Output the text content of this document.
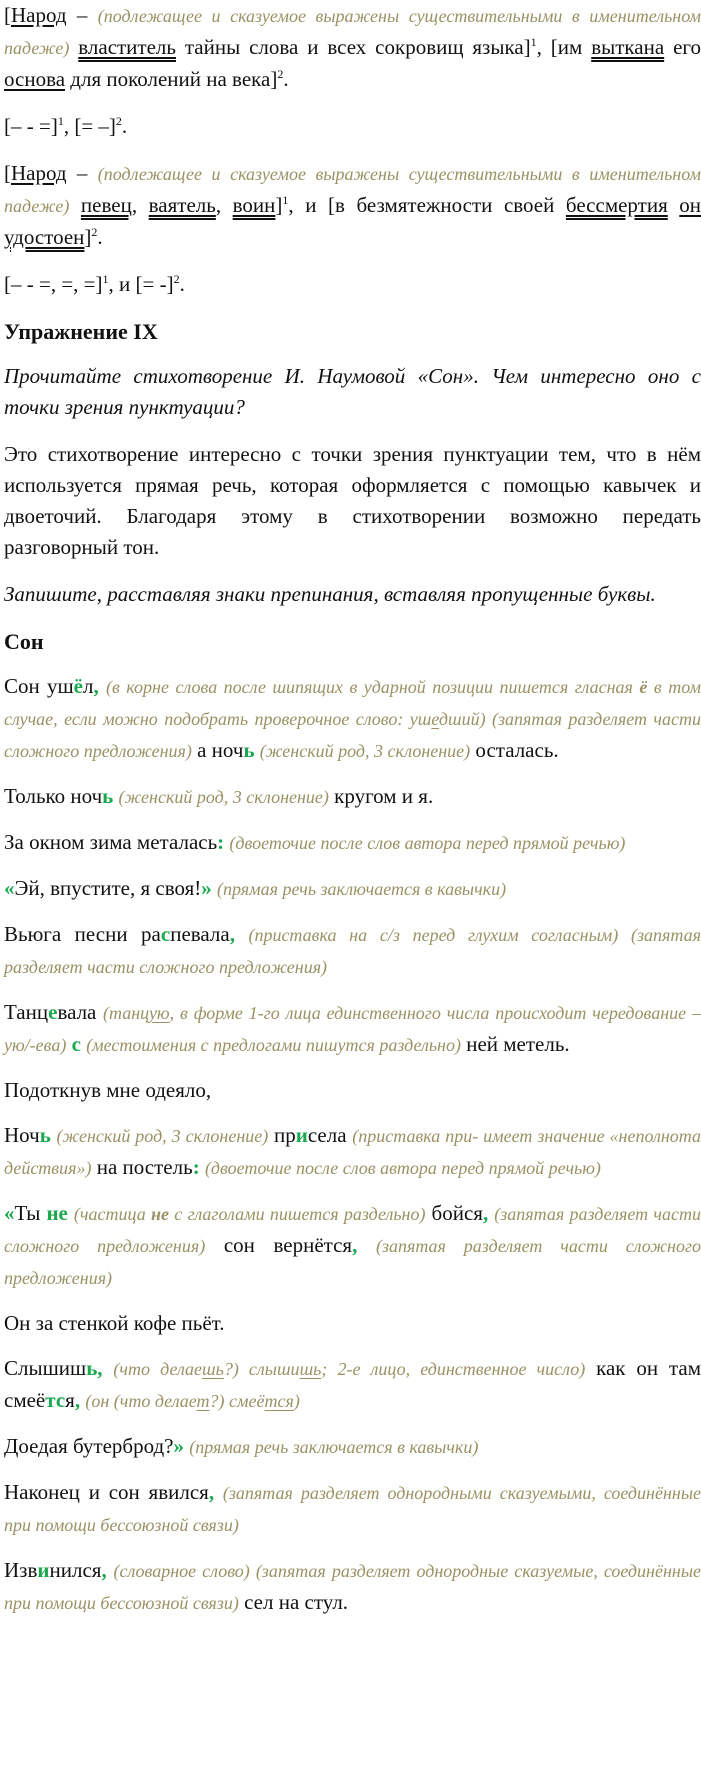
[Народ – (подлежащее и сказуемое выражены существительными в именительном падеже) властитель тайны слова и всех сокровищ языка]$^1$, [им выткана его основа для поколений на века]$^2$.

[‒ - =]$^1$, [= ‒]$^2$.

[Народ – (подлежащее и сказуемое выражены существительными в именительном падеже) певец, ваятель, воин]$^1$, и [в безмятежности своей бессмертия он удостоен]$^2$.

[‒ - =, =, =]$^1$, и [= -]$^2$.

Упражнение IX

Прочитайте стихотворение И. Наумовой «Сон». Чем интересно оно с точки зрения пунктуации?

Это стихотворение интересно с точки зрения пунктуации тем, что в нём используется прямая речь, которая оформляется с помощью кавычек и двоеточий. Благодаря этому в стихотворении возможно передать разговорный тон.

Запишите, расставляя знаки препинания, вставляя пропущенные буквы.

Сон

Сон ушёл, (в корне слова после шипящих в ударной позиции пишется гласная ё в том случае, если можно подобрать проверочное слово: ушедший) (запятая разделяет части сложного предложения) а ночь (женский род, 3 склонение) осталась.

Только ночь (женский род, 3 склонение) кругом и я.

За окном зима металась: (двоеточие после слов автора перед прямой речью)

«Эй, впустите, я своя!» (прямая речь заключается в кавычки)

Вьюга песни распевала, (приставка на с/з перед глухим согласным) (запятая разделяет части сложного предложения)

Танцевала (танцую, в форме 1-го лица единственного числа происходит чередование –ую/-ева) с (местоимения с предлогами пишутся раздельно) ней метель.

Подоткнув мне одеяло,

Ночь (женский род, 3 склонение) присела (приставка при- имеет значение «неполнота действия») на постель: (двоеточие после слов автора перед прямой речью)

«Ты не (частица не с глаголами пишется раздельно) бойся, (запятая разделяет части сложного предложения) сон вернётся, (запятая разделяет части сложного предложения)

Он за стенкой кофе пьёт.

Слышишь, (что делаешь?) слышишь; 2-е лицо, единственное число) как он там смеётся, (он (что делает?) смеётся)

Доедая бутерброд?» (прямая речь заключается в кавычки)

Наконец и сон явился, (запятая разделяет однородными сказуемыми, соединённые при помощи бессоюзной связи)

Извинился, (словарное слово) (запятая разделяет однородные сказуемые, соединённые при помощи бессоюзной связи) сел на стул.
